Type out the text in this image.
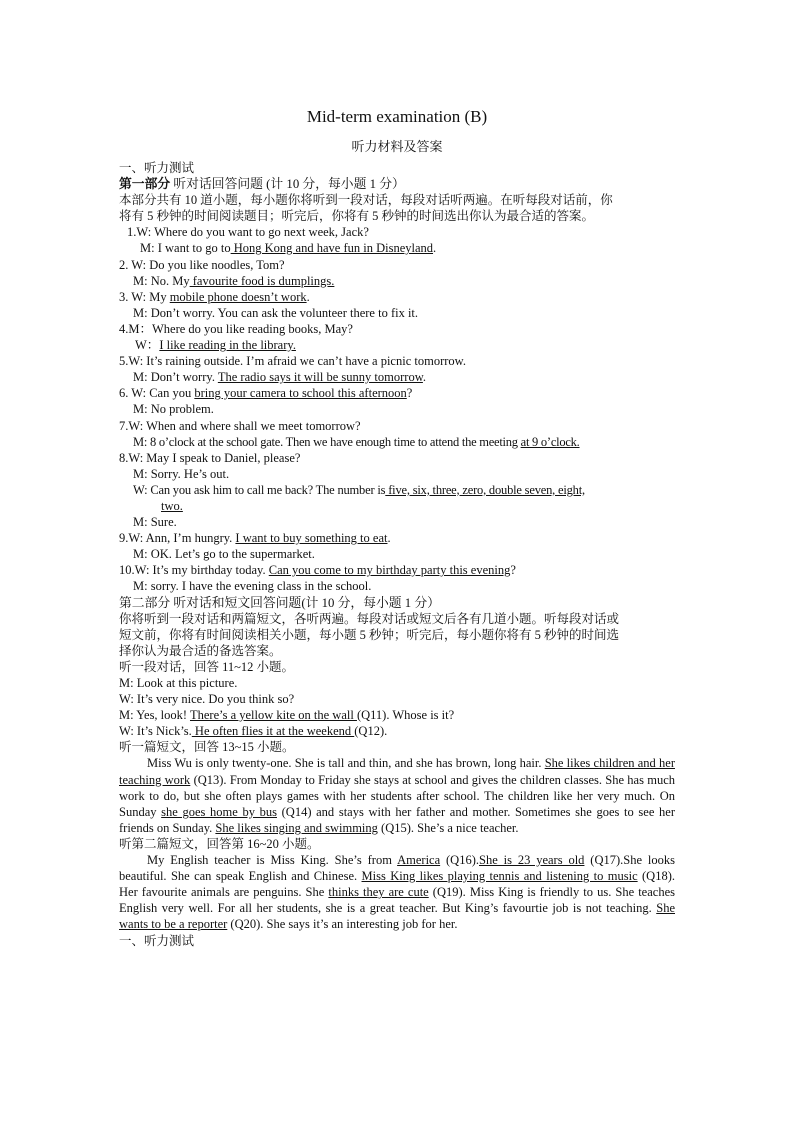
Mid-term examination (B)
听力材料及答案
一、听力测试
第一部分 听对话回答问题 (计 10 分，每小题 1 分）
本部分共有 10 道小题，每小题你将听到一段对话，每段对话听两遍。在听每段对话前，你
将有 5 秒钟的时间阅读题目；听完后，你将有 5 秒钟的时间选出你认为最合适的答案。
1.W: Where do you want to go next week, Jack?
M: I want to go to Hong Kong and have fun in Disneyland.
2. W: Do you like noodles, Tom?
M: No. My favourite food is dumplings.
3. W: My mobile phone doesn’t work.
M: Don’t worry. You can ask the volunteer there to fix it.
4.M：Where do you like reading books, May?
W：I like reading in the library.
5.W: It’s raining outside. I’m afraid we can’t have a picnic tomorrow.
M: Don’t worry. The radio says it will be sunny tomorrow.
6. W: Can you bring your camera to school this afternoon?
M: No problem.
7.W: When and where shall we meet tomorrow?
M: 8 o’clock at the school gate. Then we have enough time to attend the meeting at 9 o’clock.
8.W: May I speak to Daniel, please?
M: Sorry. He’s out.
W: Can you ask him to call me back? The number is five, six, three, zero, double seven, eight,
two.
M: Sure.
9.W: Ann, I’m hungry. I want to buy something to eat.
M: OK. Let’s go to the supermarket.
10.W: It’s my birthday today. Can you come to my birthday party this evening?
M: sorry. I have the evening class in the school.
第二部分 听对话和短文回答问题(计 10 分，每小题 1 分）
你将听到一段对话和两篇短文，各听两遍。每段对话或短文后各有几道小题。听每段对话或
短文前，你将有时间阅读相关小题，每小题 5 秒钟；听完后，每小题你将有 5 秒钟的时间选
择你认为最合适的备选答案。
听一段对话，回答 11~12 小题。
M: Look at this picture.
W: It’s very nice. Do you think so?
M: Yes, look! There’s a yellow kite on the wall (Q11). Whose is it?
W: It’s Nick’s. He often flies it at the weekend (Q12).
听一篇短文，回答 13~15 小题。
Miss Wu is only twenty-one. She is tall and thin, and she has brown, long hair. She likes children and her teaching work (Q13). From Monday to Friday she stays at school and gives the children classes. She has much work to do, but she often plays games with her students after school. The children like her very much. On Sunday she goes home by bus (Q14) and stays with her father and mother. Sometimes she goes to see her friends on Sunday. She likes singing and swimming (Q15). She’s a nice teacher.
听第二篇短文，回答第 16~20 小题。
My English teacher is Miss King. She’s from America (Q16).She is 23 years old (Q17).She looks beautiful. She can speak English and Chinese. Miss King likes playing tennis and listening to music (Q18). Her favourite animals are penguins. She thinks they are cute (Q19). Miss King is friendly to us. She teaches English very well. For all her students, she is a great teacher. But King’s favourtie job is not teaching. She wants to be a reporter (Q20). She says it’s an interesting job for her.
一、听力测试
